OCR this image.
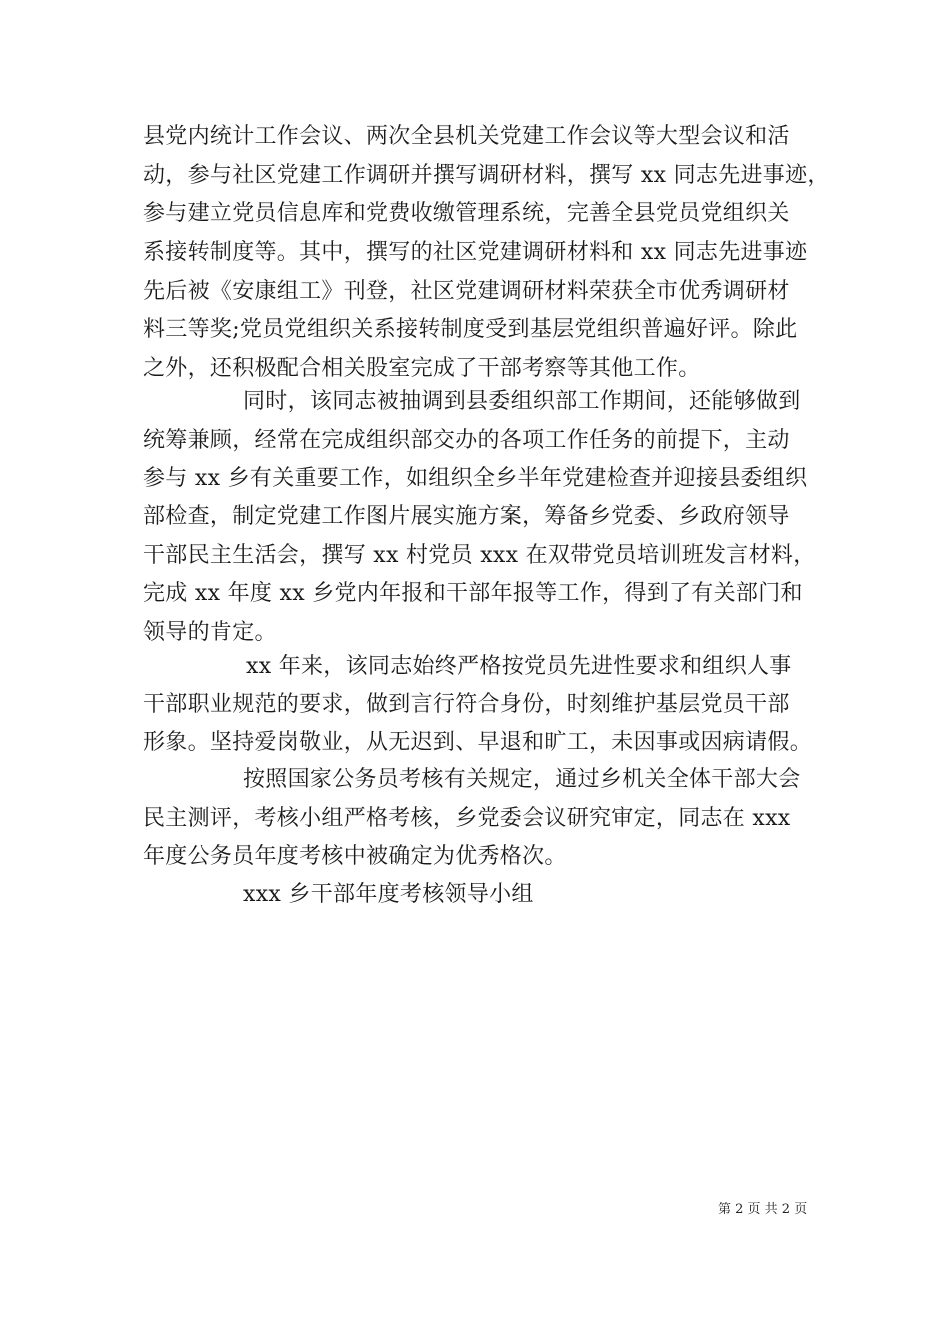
县党内统计工作会议、两次全县机关党建工作会议等大型会议和活
动，参与社区党建工作调研并撰写调研材料，撰写 xx 同志先进事迹，
参与建立党员信息库和党费收缴管理系统，完善全县党员党组织关
系接转制度等。其中，撰写的社区党建调研材料和 xx 同志先进事迹
先后被《安康组工》刊登，社区党建调研材料荣获全市优秀调研材
料三等奖;党员党组织关系接转制度受到基层党组织普遍好评。除此
之外，还积极配合相关股室完成了干部考察等其他工作。
同时，该同志被抽调到县委组织部工作期间，还能够做到
统筹兼顾，经常在完成组织部交办的各项工作任务的前提下，主动
参与 xx 乡有关重要工作，如组织全乡半年党建检查并迎接县委组织
部检查，制定党建工作图片展实施方案，筹备乡党委、乡政府领导
干部民主生活会，撰写 xx 村党员 xxx 在双带党员培训班发言材料，
完成 xx 年度 xx 乡党内年报和干部年报等工作，得到了有关部门和
领导的肯定。
xx 年来，该同志始终严格按党员先进性要求和组织人事
干部职业规范的要求，做到言行符合身份，时刻维护基层党员干部
形象。坚持爱岗敬业，从无迟到、早退和旷工，未因事或因病请假。
按照国家公务员考核有关规定，通过乡机关全体干部大会
民主测评，考核小组严格考核，乡党委会议研究审定，同志在 xxx
年度公务员年度考核中被确定为优秀格次。
xxx 乡干部年度考核领导小组
第 2 页 共 2 页
